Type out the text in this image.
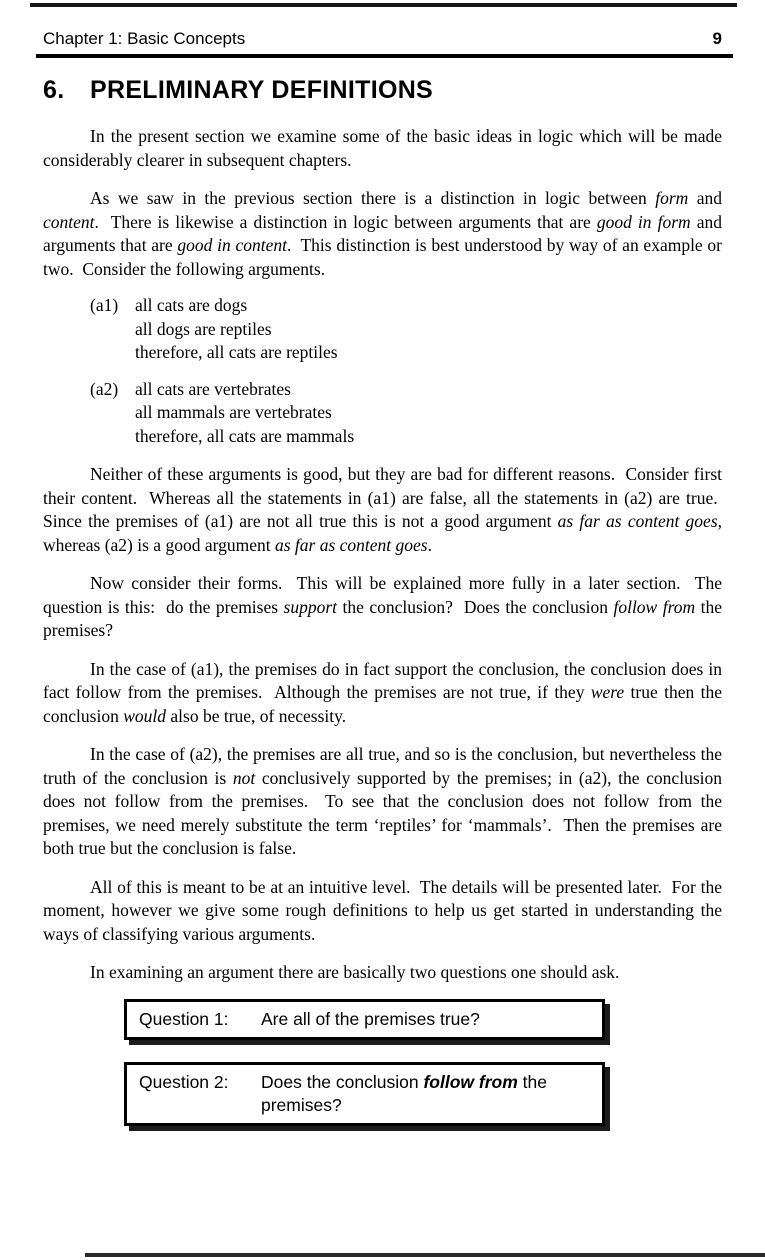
Chapter 1: Basic Concepts	9
6.	PRELIMINARY DEFINITIONS

In the present section we examine some of the basic ideas in logic which will be made considerably clearer in subsequent chapters.

As we saw in the previous section there is a distinction in logic between form and content.  There is likewise a distinction in logic between arguments that are good in form and arguments that are good in content.  This distinction is best understood by way of an example or two.  Consider the following arguments.

(a1) all cats are dogs
all dogs are reptiles
therefore, all cats are reptiles
(a2) all cats are vertebrates
all mammals are vertebrates
therefore, all cats are mammals

Neither of these arguments is good, but they are bad for different reasons.  Consider first their content.  Whereas all the statements in (a1) are false, all the statements in (a2) are true.  Since the premises of (a1) are not all true this is not a good argument as far as content goes, whereas (a2) is a good argument as far as content goes.

Now consider their forms.  This will be explained more fully in a later section.  The question is this:  do the premises support the conclusion?  Does the conclusion follow from the premises?

In the case of (a1), the premises do in fact support the conclusion, the conclusion does in fact follow from the premises.  Although the premises are not true, if they were true then the conclusion would also be true, of necessity.

In the case of (a2), the premises are all true, and so is the conclusion, but nevertheless the truth of the conclusion is not conclusively supported by the premises; in (a2), the conclusion does not follow from the premises.  To see that the conclusion does not follow from the premises, we need merely substitute the term ‘reptiles’ for ‘mammals’.  Then the premises are both true but the conclusion is false.

All of this is meant to be at an intuitive level.  The details will be presented later.  For the moment, however we give some rough definitions to help us get started in understanding the ways of classifying various arguments.

In examining an argument there are basically two questions one should ask.

Question 1:	Are all of the premises true?
Question 2:	Does the conclusion follow from the premises?
